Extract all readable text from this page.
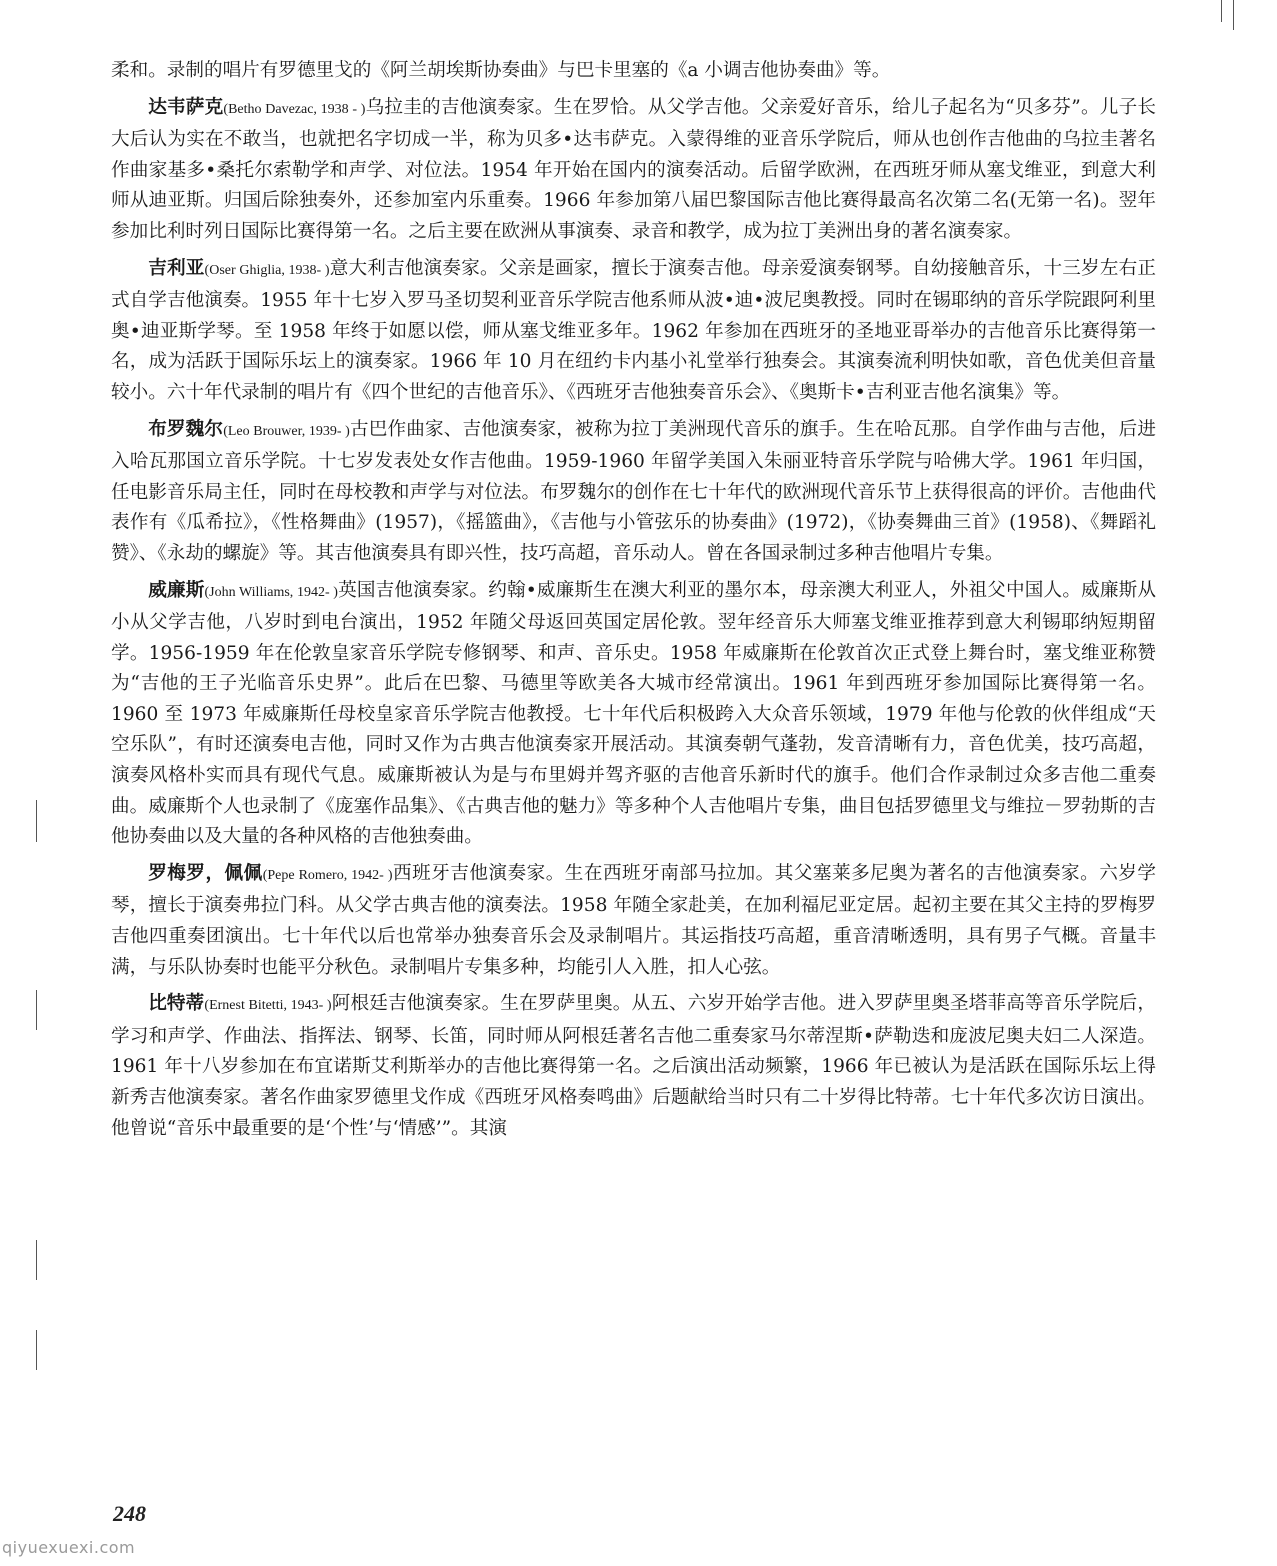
柔和。录制的唱片有罗德里戈的《阿兰胡埃斯协奏曲》与巴卡里塞的《a 小调吉他协奏曲》等。

达韦萨克(Betho Davezac, 1938 - )乌拉圭的吉他演奏家。生在罗恰。从父学吉他。父亲爱好音乐，给儿子起名为“贝多芬”。儿子长大后认为实在不敢当，也就把名字切成一半，称为贝多•达韦萨克。入蒙得维的亚音乐学院后，师从也创作吉他曲的乌拉圭著名作曲家基多•桑托尔索勒学和声学、对位法。1954 年开始在国内的演奏活动。后留学欧洲，在西班牙师从塞戈维亚，到意大利师从迪亚斯。归国后除独奏外，还参加室内乐重奏。1966 年参加第八届巴黎国际吉他比赛得最高名次第二名(无第一名)。翌年参加比利时列日国际比赛得第一名。之后主要在欧洲从事演奏、录音和教学，成为拉丁美洲出身的著名演奏家。

吉利亚(Oser Ghiglia, 1938- )意大利吉他演奏家。父亲是画家，擅长于演奏吉他。母亲爱演奏钢琴。自幼接触音乐，十三岁左右正式自学吉他演奏。1955 年十七岁入罗马圣切契利亚音乐学院吉他系师从波•迪•波尼奥教授。同时在锡耶纳的音乐学院跟阿利里奥•迪亚斯学琴。至 1958 年终于如愿以偿，师从塞戈维亚多年。1962 年参加在西班牙的圣地亚哥举办的吉他音乐比赛得第一名，成为活跃于国际乐坛上的演奏家。1966 年 10 月在纽约卡内基小礼堂举行独奏会。其演奏流利明快如歌，音色优美但音量较小。六十年代录制的唱片有《四个世纪的吉他音乐》、《西班牙吉他独奏音乐会》、《奥斯卡•吉利亚吉他名演集》等。

布罗魏尔(Leo Brouwer, 1939- )古巴作曲家、吉他演奏家，被称为拉丁美洲现代音乐的旗手。生在哈瓦那。自学作曲与吉他，后进入哈瓦那国立音乐学院。十七岁发表处女作吉他曲。1959-1960 年留学美国入朱丽亚特音乐学院与哈佛大学。1961 年归国，任电影音乐局主任，同时在母校教和声学与对位法。布罗魏尔的创作在七十年代的欧洲现代音乐节上获得很高的评价。吉他曲代表作有《瓜希拉》，《性格舞曲》(1957)，《摇篮曲》，《吉他与小管弦乐的协奏曲》(1972)，《协奏舞曲三首》(1958)、《舞蹈礼赞》、《永劫的螺旋》等。其吉他演奏具有即兴性，技巧高超，音乐动人。曾在各国录制过多种吉他唱片专集。

威廉斯(John Williams, 1942- )英国吉他演奏家。约翰•威廉斯生在澳大利亚的墨尔本，母亲澳大利亚人，外祖父中国人。威廉斯从小从父学吉他，八岁时到电台演出，1952 年随父母返回英国定居伦敦。翌年经音乐大师塞戈维亚推荐到意大利锡耶纳短期留学。1956-1959 年在伦敦皇家音乐学院专修钢琴、和声、音乐史。1958 年威廉斯在伦敦首次正式登上舞台时，塞戈维亚称赞为“吉他的王子光临音乐史界”。此后在巴黎、马德里等欧美各大城市经常演出。1961 年到西班牙参加国际比赛得第一名。1960 至 1973 年威廉斯任母校皇家音乐学院吉他教授。七十年代后积极跨入大众音乐领域，1979 年他与伦敦的伙伴组成“天空乐队”，有时还演奏电吉他，同时又作为古典吉他演奏家开展活动。其演奏朝气蓬勃，发音清晰有力，音色优美，技巧高超，演奏风格朴实而具有现代气息。威廉斯被认为是与布里姆并驾齐驱的吉他音乐新时代的旗手。他们合作录制过众多吉他二重奏曲。威廉斯个人也录制了《庞塞作品集》、《古典吉他的魅力》等多种个人吉他唱片专集，曲目包括罗德里戈与维拉－罗勃斯的吉他协奏曲以及大量的各种风格的吉他独奏曲。

罗梅罗，佩佩(Pepe Romero, 1942- )西班牙吉他演奏家。生在西班牙南部马拉加。其父塞莱多尼奥为著名的吉他演奏家。六岁学琴，擅长于演奏弗拉门科。从父学古典吉他的演奏法。1958 年随全家赴美，在加利福尼亚定居。起初主要在其父主持的罗梅罗吉他四重奏团演出。七十年代以后也常举办独奏音乐会及录制唱片。其运指技巧高超，重音清晰透明，具有男子气概。音量丰满，与乐队协奏时也能平分秋色。录制唱片专集多种，均能引人入胜，扣人心弦。

比特蒂(Ernest Bitetti, 1943- )阿根廷吉他演奏家。生在罗萨里奥。从五、六岁开始学吉他。进入罗萨里奥圣塔菲高等音乐学院后，学习和声学、作曲法、指挥法、钢琴、长笛，同时师从阿根廷著名吉他二重奏家马尔蒂涅斯•萨勒迭和庞波尼奥夫妇二人深造。1961 年十八岁参加在布宜诺斯艾利斯举办的吉他比赛得第一名。之后演出活动频繁，1966 年已被认为是活跃在国际乐坛上得新秀吉他演奏家。著名作曲家罗德里戈作成《西班牙风格奏鸣曲》后题献给当时只有二十岁得比特蒂。七十年代多次访日演出。他曾说“音乐中最重要的是‘个性’与‘情感’”。其演

248
qiyuexuexi.com
